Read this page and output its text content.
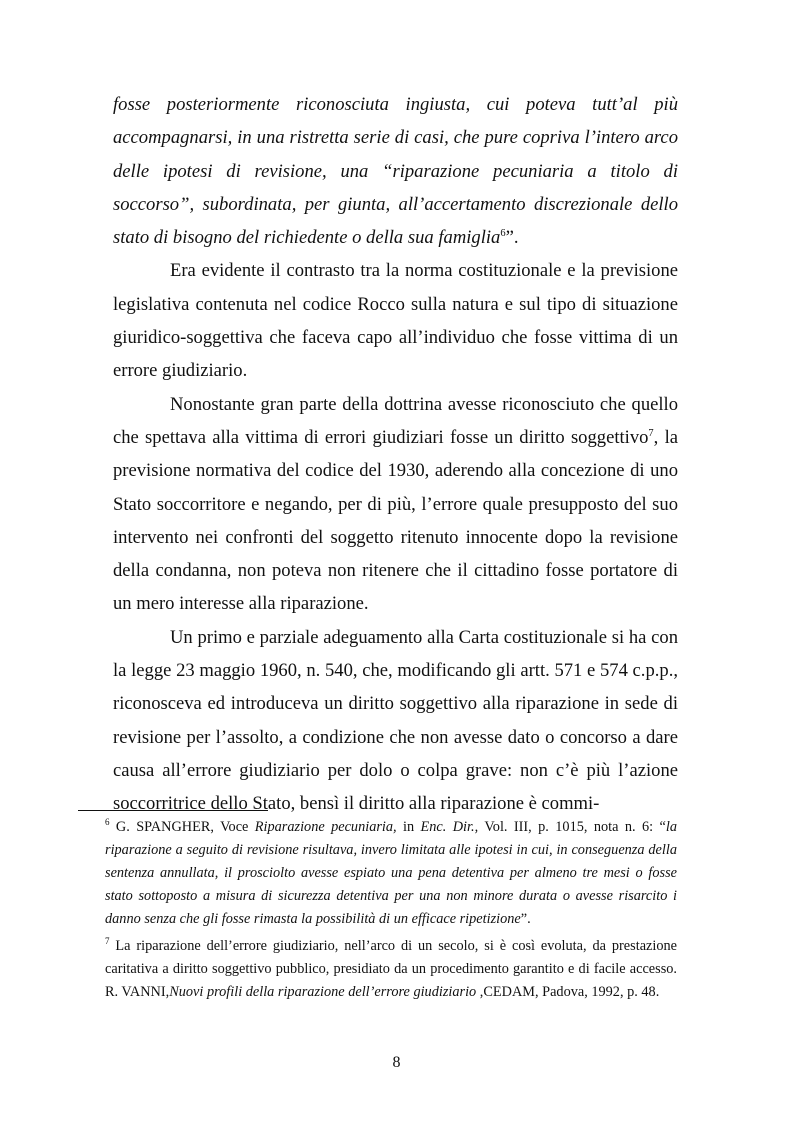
fosse posteriormente riconosciuta ingiusta, cui poteva tutt’al più accompagnarsi, in una ristretta serie di casi, che pure copriva l’intero arco delle ipotesi di revisione, una “riparazione pecuniaria a titolo di soccorso”, subordinata, per giunta, all’accertamento discrezionale dello stato di bisogno del richiedente o della sua famiglia$^6$”.

Era evidente il contrasto tra la norma costituzionale e la previsione legislativa contenuta nel codice Rocco sulla natura e sul tipo di situazione giuridico-soggettiva che faceva capo all’individuo che fosse vittima di un errore giudiziario.

Nonostante gran parte della dottrina avesse riconosciuto che quello che spettava alla vittima di errori giudiziari fosse un diritto soggettivo$^7$, la previsione normativa del codice del 1930, aderendo alla concezione di uno Stato soccorritore e negando, per di più, l’errore quale presupposto del suo intervento nei confronti del soggetto ritenuto innocente dopo la revisione della condanna, non poteva non ritenere che il cittadino fosse portatore di un mero interesse alla riparazione.

Un primo e parziale adeguamento alla Carta costituzionale si ha con la legge 23 maggio 1960, n. 540, che, modificando gli artt. 571 e 574 c.p.p., riconosceva ed introduceva un diritto soggettivo alla riparazione in sede di revisione per l’assolto, a condizione che non avesse dato o concorso a dare causa all’errore giudiziario per dolo o colpa grave: non c’è più l’azione soccorritrice dello Stato, bensì il diritto alla riparazione è commi-

$^6$ G. SPANGHER, Voce Riparazione pecuniaria, in Enc. Dir., Vol. III, p. 1015, nota n. 6: “la riparazione a seguito di revisione risultava, invero limitata alle ipotesi in cui, in conseguenza della sentenza annullata, il prosciolto avesse espiato una pena detentiva per almeno tre mesi o fosse stato sottoposto a misura di sicurezza detentiva per una non minore durata o avesse risarcito i danno senza che gli fosse rimasta la possibilità di un efficace ripetizione”.

$^7$ La riparazione dell’errore giudiziario, nell’arco di un secolo, si è così evoluta, da prestazione caritativa a diritto soggettivo pubblico, presidiato da un procedimento garantito e di facile accesso. R. VANNI,Nuovi profili della riparazione dell’errore giudiziario ,CEDAM, Padova, 1992, p. 48.

8
